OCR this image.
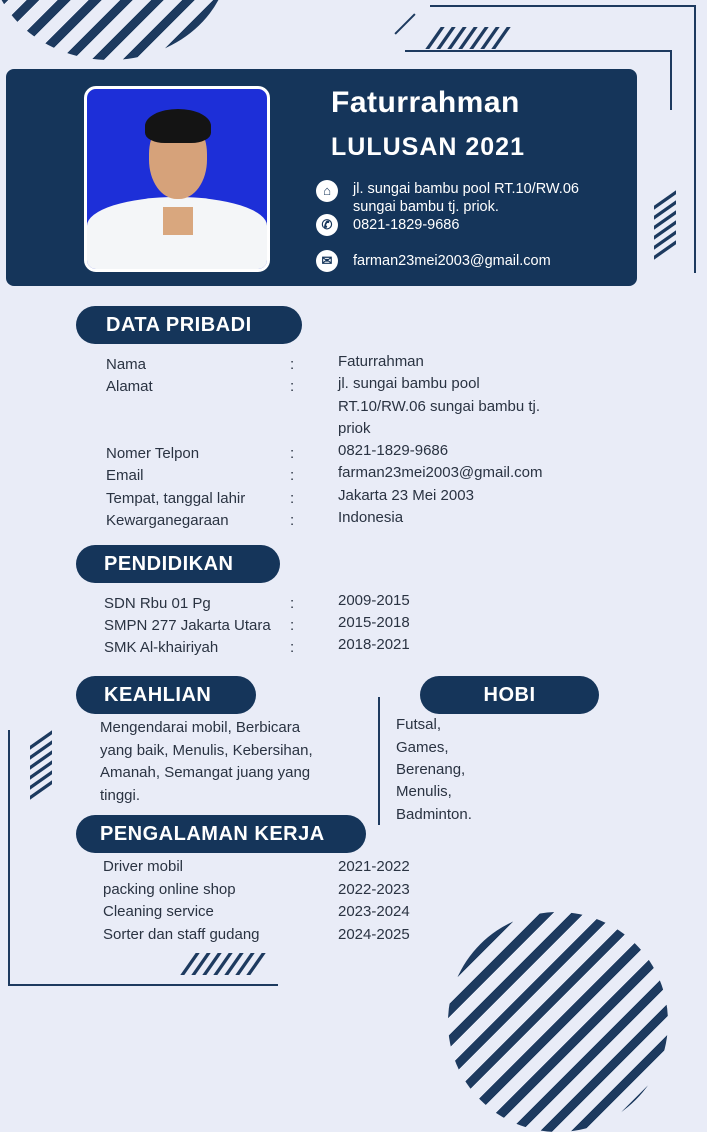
Faturrahman
LULUSAN 2021
⌂	jl. sungai bambu pool RT.10/RW.06
sungai bambu tj. priok.
✆	0821-1829-9686
✉	farman23mei2003@gmail.com
DATA PRIBADI
Nama	:	Faturrahman
Alamat	:	jl. sungai bambu pool
RT.10/RW.06 sungai bambu tj.
priok
Nomer Telpon	:	0821-1829-9686
Email	:	farman23mei2003@gmail.com
Tempat, tanggal lahir	:	Jakarta 23 Mei 2003
Kewarganegaraan	:	Indonesia
PENDIDIKAN
SDN Rbu 01 Pg	:	2009-2015
SMPN 277 Jakarta Utara :	2015-2018
SMK Al-khairiyah	:	2018-2021
KEAHLIAN
Mengendarai mobil, Berbicara
yang baik, Menulis, Kebersihan,
Amanah, Semangat juang yang
tinggi.
HOBI
Futsal,
Games,
Berenang,
Menulis,
Badminton.
PENGALAMAN KERJA
Driver mobil	2021-2022
packing online shop	2022-2023
Cleaning service	2023-2024
Sorter dan staff gudang	2024-2025
